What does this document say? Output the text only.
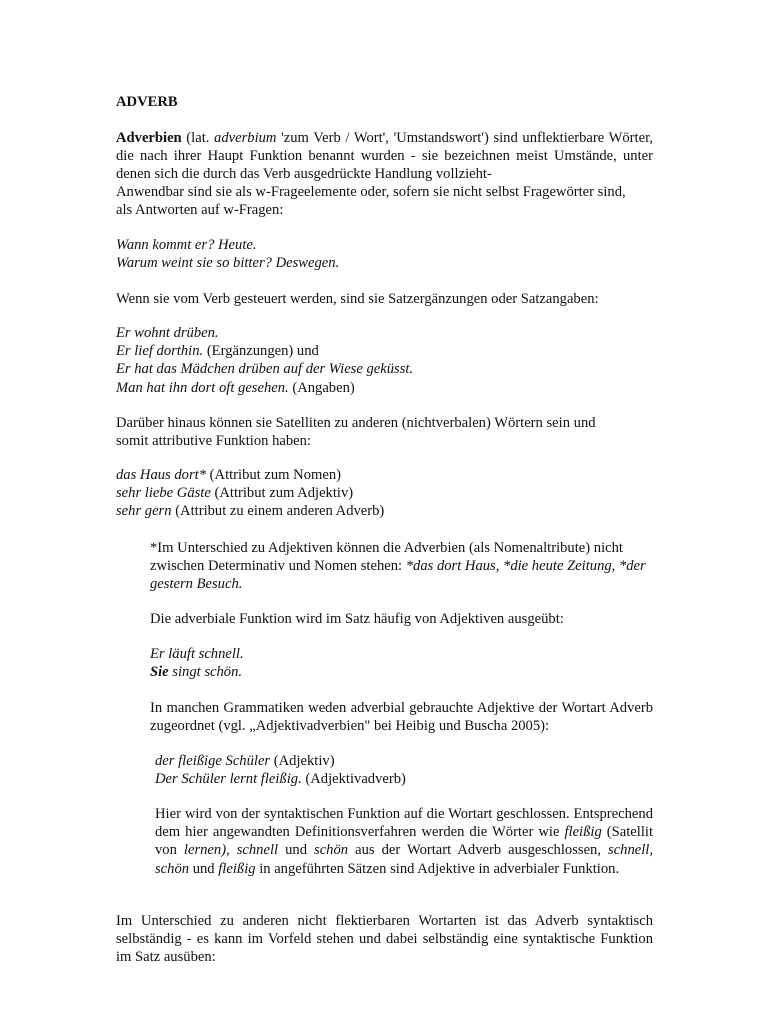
ADVERB

Adverbien (lat. adverbium 'zum Verb / Wort', 'Umstandswort') sind unflektierbare Wörter, die nach ihrer Haupt Funktion benannt wurden - sie bezeichnen meist Umstände, unter denen sich die durch das Verb ausgedrückte Handlung vollzieht-

Anwendbar sind sie als w-Frageelemente oder, sofern sie nicht selbst Fragewörter sind,
als Antworten auf w-Fragen:
Wann kommt er? Heute.
Warum weint sie so bitter? Deswegen.
Wenn sie vom Verb gesteuert werden, sind sie Satzergänzungen oder Satzangaben:
Er wohnt drüben.
Er lief dorthin. (Ergänzungen) und
Er hat das Mädchen drüben auf der Wiese geküsst.
Man hat ihn dort oft gesehen. (Angaben)
Darüber hinaus können sie Satelliten zu anderen (nichtverbalen) Wörtern sein und
somit attributive Funktion haben:
das Haus dort* (Attribut zum Nomen)
sehr liebe Gäste (Attribut zum Adjektiv)
sehr gern (Attribut zu einem anderen Adverb)

*Im Unterschied zu Adjektiven können die Adverbien (als Nomenaltribute) nicht zwischen Determinativ und Nomen stehen: *das dort Haus, *die heute Zeitung, *der gestern Besuch.

Die adverbiale Funktion wird im Satz häufig von Adjektiven ausgeübt:
Er läuft schnell.
Sie singt schön.

In manchen Grammatiken weden adverbial gebrauchte Adjektive der Wortart Adverb zugeordnet (vgl. „Adjektivadverbien" bei Heibig und Buscha 2005):

der fleißige Schüler (Adjektiv)
Der Schüler lernt fleißig. (Adjektivadverb)

Hier wird von der syntaktischen Funktion auf die Wortart geschlossen. Entsprechend dem hier angewandten Definitionsverfahren werden die Wörter wie fleißig (Satellit von lernen), schnell und schön aus der Wortart Adverb ausgeschlossen, schnell, schön und fleißig in angeführten Sätzen sind Adjektive in adverbialer Funktion.

Im Unterschied zu anderen nicht flektierbaren Wortarten ist das Adverb syntaktisch selbständig - es kann im Vorfeld stehen und dabei selbständig eine syntaktische Funktion im Satz ausüben:
